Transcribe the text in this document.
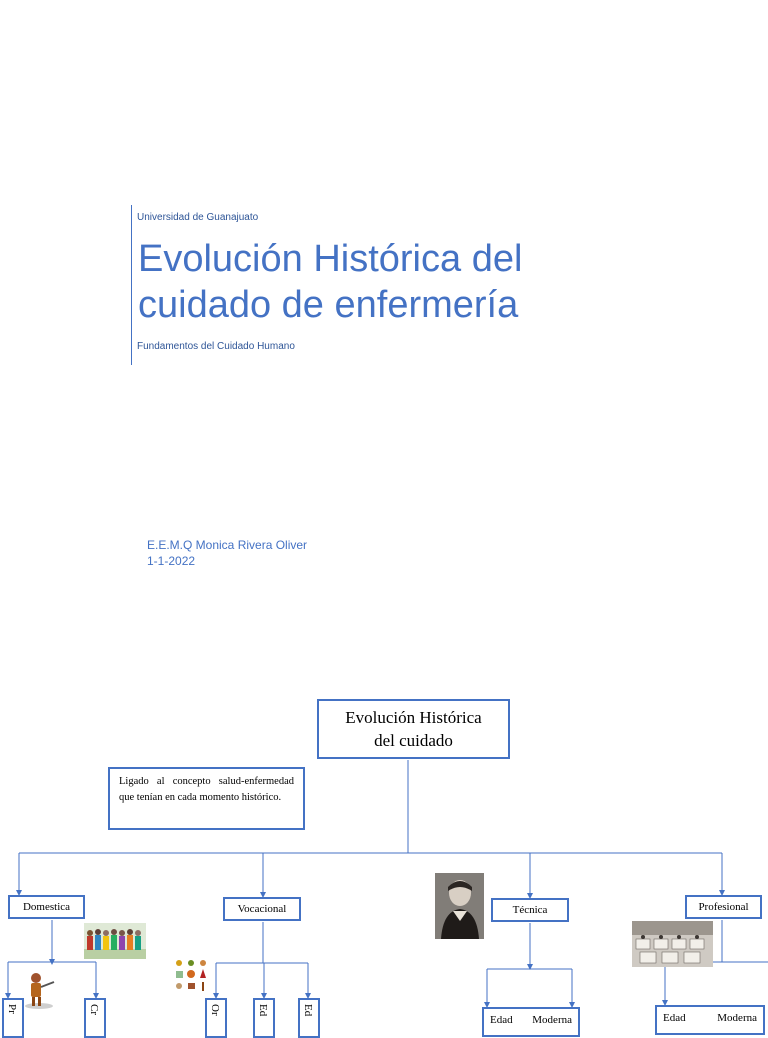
Universidad de Guanajuato
Evolución Histórica del
cuidado de enfermería
Fundamentos del Cuidado Humano
E.E.M.Q Monica Rivera Oliver
1-1-2022
Evolución Histórica
del cuidado
Ligado al concepto salud-enfermedad que tenían en cada momento histórico.
Domestica	Vocacional	Técnica	Profesional
Edad Moderna	Edad	Moderna
Pr	Cr	Or	Ed	Ed
